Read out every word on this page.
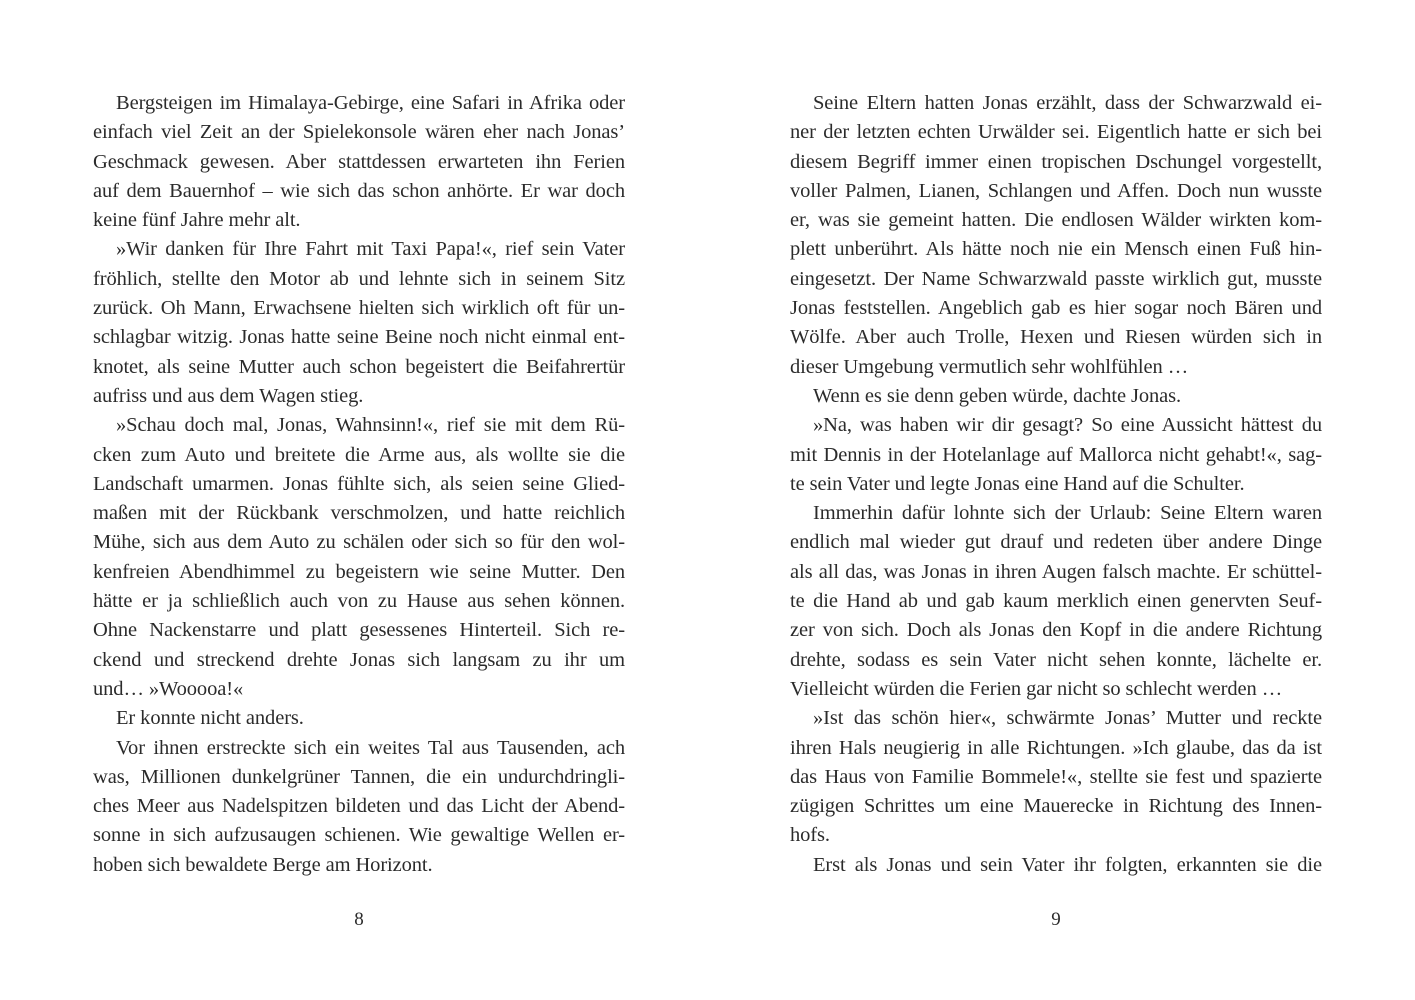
Bergsteigen im Himalaya-Gebirge, eine Safari in Afrika oder
einfach viel Zeit an der Spielekonsole wären eher nach Jonas’
Geschmack gewesen. Aber stattdessen erwarteten ihn Ferien
auf dem Bauernhof – wie sich das schon anhörte. Er war doch
keine fünf Jahre mehr alt.
»Wir danken für Ihre Fahrt mit Taxi Papa!«, rief sein Vater
fröhlich, stellte den Motor ab und lehnte sich in seinem Sitz
zurück. Oh Mann, Erwachsene hielten sich wirklich oft für un-
schlagbar witzig. Jonas hatte seine Beine noch nicht einmal ent-
knotet, als seine Mutter auch schon begeistert die Beifahrertür
aufriss und aus dem Wagen stieg.
»Schau doch mal, Jonas, Wahnsinn!«, rief sie mit dem Rü-
cken zum Auto und breitete die Arme aus, als wollte sie die
Landschaft umarmen. Jonas fühlte sich, als seien seine Glied-
maßen mit der Rückbank verschmolzen, und hatte reichlich
Mühe, sich aus dem Auto zu schälen oder sich so für den wol-
kenfreien Abendhimmel zu begeistern wie seine Mutter. Den
hätte er ja schließlich auch von zu Hause aus sehen können.
Ohne Nackenstarre und platt gesessenes Hinterteil. Sich re-
ckend und streckend drehte Jonas sich langsam zu ihr um
und… »Wooooa!«
Er konnte nicht anders.
Vor ihnen erstreckte sich ein weites Tal aus Tausenden, ach
was, Millionen dunkelgrüner Tannen, die ein undurchdringli-
ches Meer aus Nadelspitzen bildeten und das Licht der Abend-
sonne in sich aufzusaugen schienen. Wie gewaltige Wellen er-
hoben sich bewaldete Berge am Horizont.
8
Seine Eltern hatten Jonas erzählt, dass der Schwarzwald ei-
ner der letzten echten Urwälder sei. Eigentlich hatte er sich bei
diesem Begriff immer einen tropischen Dschungel vorgestellt,
voller Palmen, Lianen, Schlangen und Affen. Doch nun wusste
er, was sie gemeint hatten. Die endlosen Wälder wirkten kom-
plett unberührt. Als hätte noch nie ein Mensch einen Fuß hin-
eingesetzt. Der Name Schwarzwald passte wirklich gut, musste
Jonas feststellen. Angeblich gab es hier sogar noch Bären und
Wölfe. Aber auch Trolle, Hexen und Riesen würden sich in
dieser Umgebung vermutlich sehr wohlfühlen …
Wenn es sie denn geben würde, dachte Jonas.
»Na, was haben wir dir gesagt? So eine Aussicht hättest du
mit Dennis in der Hotelanlage auf Mallorca nicht gehabt!«, sag-
te sein Vater und legte Jonas eine Hand auf die Schulter.
Immerhin dafür lohnte sich der Urlaub: Seine Eltern waren
endlich mal wieder gut drauf und redeten über andere Dinge
als all das, was Jonas in ihren Augen falsch machte. Er schüttel-
te die Hand ab und gab kaum merklich einen genervten Seuf-
zer von sich. Doch als Jonas den Kopf in die andere Richtung
drehte, sodass es sein Vater nicht sehen konnte, lächelte er.
Vielleicht würden die Ferien gar nicht so schlecht werden …
»Ist das schön hier«, schwärmte Jonas’ Mutter und reckte
ihren Hals neugierig in alle Richtungen. »Ich glaube, das da ist
das Haus von Familie Bommele!«, stellte sie fest und spazierte
zügigen Schrittes um eine Mauerecke in Richtung des Innen-
hofs.
Erst als Jonas und sein Vater ihr folgten, erkannten sie die
9
